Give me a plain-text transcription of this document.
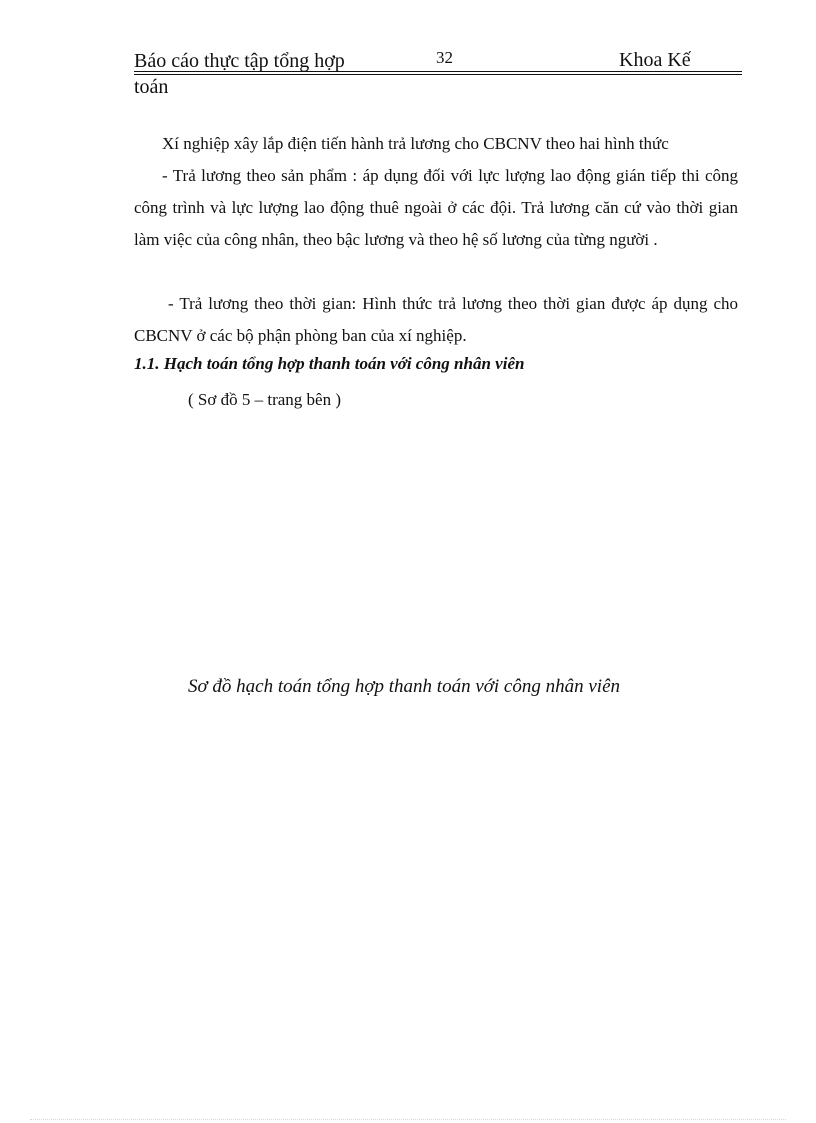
Báo cáo thực tập tổng hợp	32	Khoa Kế
toán
Xí nghiệp xây lắp điện tiến hành trả lương cho CBCNV theo hai hình thức
- Trả lương theo sản phẩm : áp dụng đối với lực lượng lao động gián tiếp thi công công trình và lực lượng lao động thuê ngoài ở các đội. Trả lương căn cứ vào thời gian làm việc của công nhân, theo bậc lương và theo hệ số lương của từng người .
- Trả lương theo thời gian: Hình thức trả lương theo thời gian được áp dụng cho CBCNV ở các bộ phận phòng ban của xí nghiệp.
1.1. Hạch toán tổng hợp thanh toán với công nhân viên
( Sơ đồ 5 – trang bên )
Sơ đồ hạch toán tổng hợp thanh toán với công nhân viên
